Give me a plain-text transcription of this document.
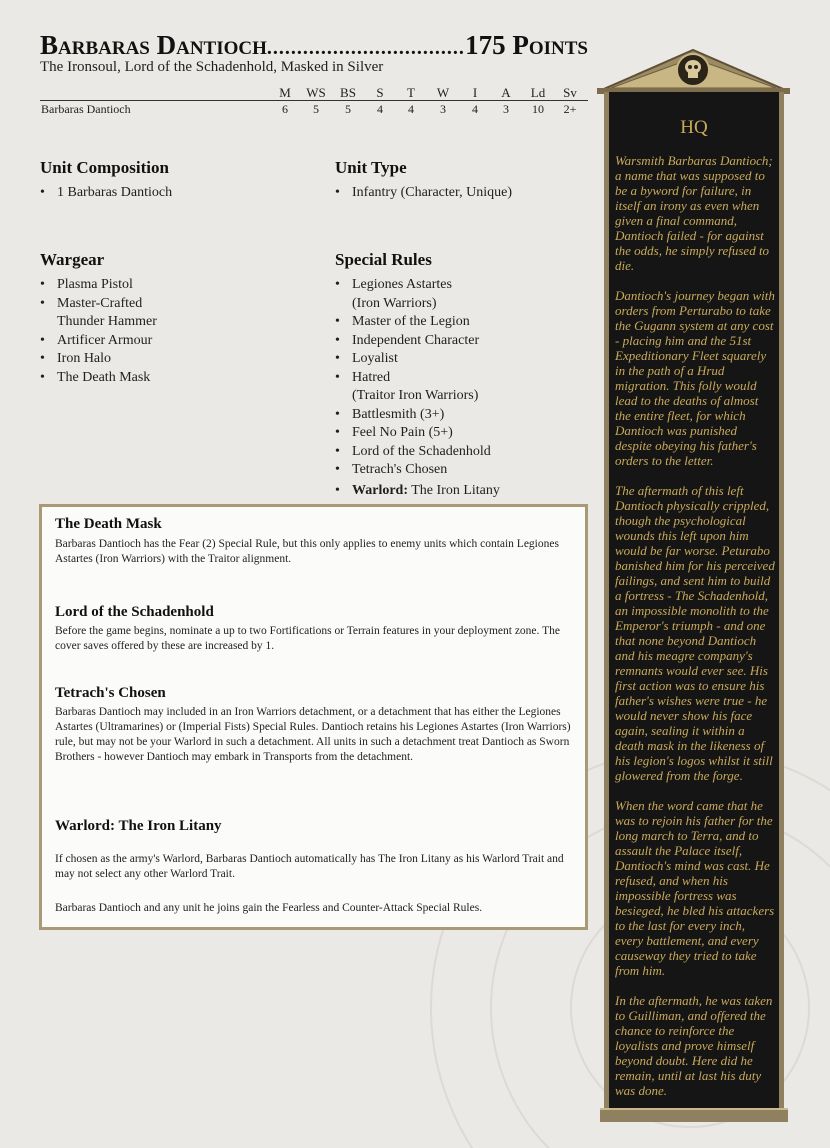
Barbaras Dantioch
.....	175 Points
The Ironsoul, Lord of the Schadenhold, Masked in Silver
M	WS	BS	S	T	W	I	A	Ld	Sv
Barbaras Dantioch	6	5	5	4	4	3	4	3	10	2+
Unit Composition
• 1 Barbaras Dantioch
Unit Type
• Infantry (Character, Unique)
Wargear
• Plasma Pistol
• Master-Crafted
Thunder Hammer
• Artificer Armour
• Iron Halo
• The Death Mask
Special Rules
• Legiones Astartes
(Iron Warriors)
• Master of the Legion
• Independent Character
• Loyalist
• Hatred
(Traitor Iron Warriors)
• Battlesmith (3+)
• Feel No Pain (5+)
• Lord of the Schadenhold
• Tetrach's Chosen
• Warlord: The Iron Litany
The Death Mask
Barbaras Dantioch has the Fear (2) Special Rule, but this only applies to enemy units which contain Legiones Astartes (Iron Warriors) with the Traitor alignment.
Lord of the Schadenhold
Before the game begins, nominate a up to two Fortifications or Terrain features in your deployment zone. The cover saves offered by these are increased by 1.
Tetrach's Chosen
Barbaras Dantioch may included in an Iron Warriors detachment, or a detachment that has either the Legiones Astartes (Ultramarines) or (Imperial Fists) Special Rules. Dantioch retains his Legiones Astartes (Iron Warriors) rule, but may not be your Warlord in such a detachment. All units in such a detachment treat Dantioch as Sworn Brothers - however Dantioch may embark in Transports from the detachment.
Warlord: The Iron Litany
If chosen as the army's Warlord, Barbaras Dantioch automatically has The Iron Litany as his Warlord Trait and may not select any other Warlord Trait.
Barbaras Dantioch and any unit he joins gain the Fearless and Counter-Attack Special Rules.
HQ

Warsmith Barbaras Dantioch; a name that was supposed to be a byword for failure, in itself an irony as even when given a final command, Dantioch failed - for against the odds, he simply refused to die.

Dantioch's journey began with orders from Perturabo to take the Gugann system at any cost - placing him and the 51st Expeditionary Fleet squarely in the path of a Hrud migration. This folly would lead to the deaths of almost the entire fleet, for which Dantioch was punished despite obeying his father's orders to the letter.

The aftermath of this left Dantioch physically crippled, though the psychological wounds this left upon him would be far worse. Peturabo banished him for his perceived failings, and sent him to build a fortress - The Schadenhold, an impossible monolith to the Emperor's triumph - and one that none beyond Dantioch and his meagre company's remnants would ever see. His first action was to ensure his father's wishes were true - he would never show his face again, sealing it within a death mask in the likeness of his legion's logos whilst it still glowered from the forge.

When the word came that he was to rejoin his father for the long march to Terra, and to assault the Palace itself, Dantioch's mind was cast. He refused, and when his impossible fortress was besieged, he bled his attackers to the last for every inch, every battlement, and every causeway they tried to take from him.

In the aftermath, he was taken to Guilliman, and offered the chance to reinforce the loyalists and prove himself beyond doubt. Here did he remain, until at last his duty was done.
